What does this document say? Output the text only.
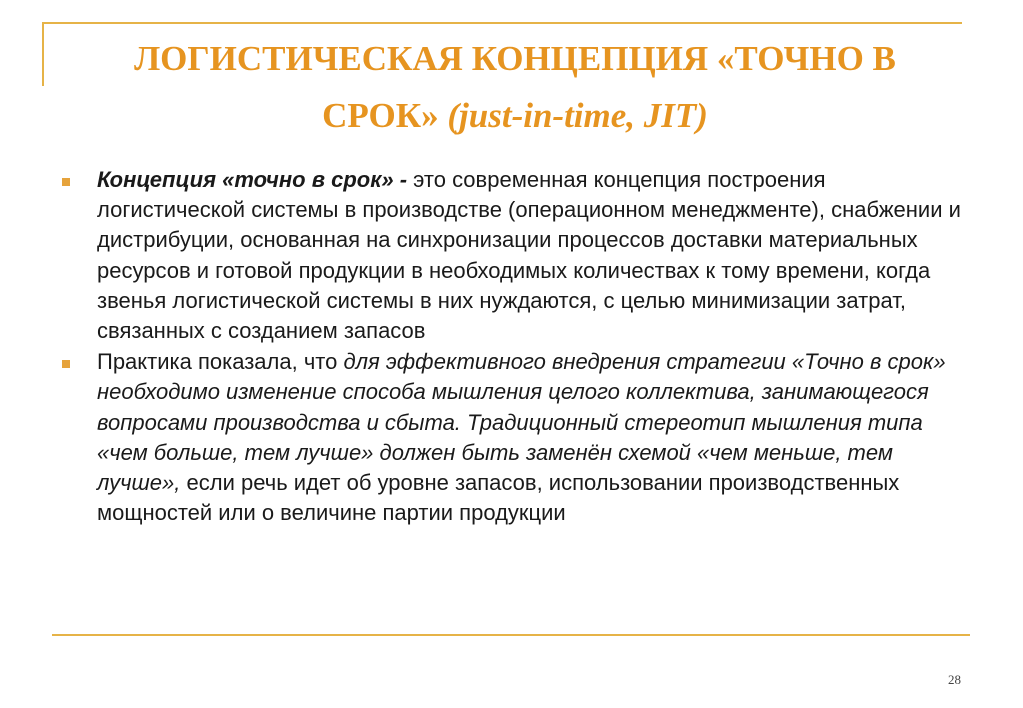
ЛОГИСТИЧЕСКАЯ КОНЦЕПЦИЯ «ТОЧНО В
СРОК» (just-in-time, JIT)
Концепция «точно в срок» - это современная концепция построения логистической системы в производстве (операционном менеджменте), снабжении и дистрибуции, основанная на синхронизации процессов доставки материальных ресурсов и готовой продукции в необходимых количествах к тому времени, когда звенья логистической системы в них нуждаются, с целью минимизации затрат, связанных с созданием запасов
Практика показала, что для эффективного внедрения стратегии «Точно в срок» необходимо изменение способа мышления целого коллектива, занимающегося вопросами производства и сбыта. Традиционный стереотип мышления типа «чем больше, тем лучше» должен быть заменён схемой «чем меньше, тем лучше», если речь идет об уровне запасов, использовании производственных мощностей или о величине партии продукции
28
